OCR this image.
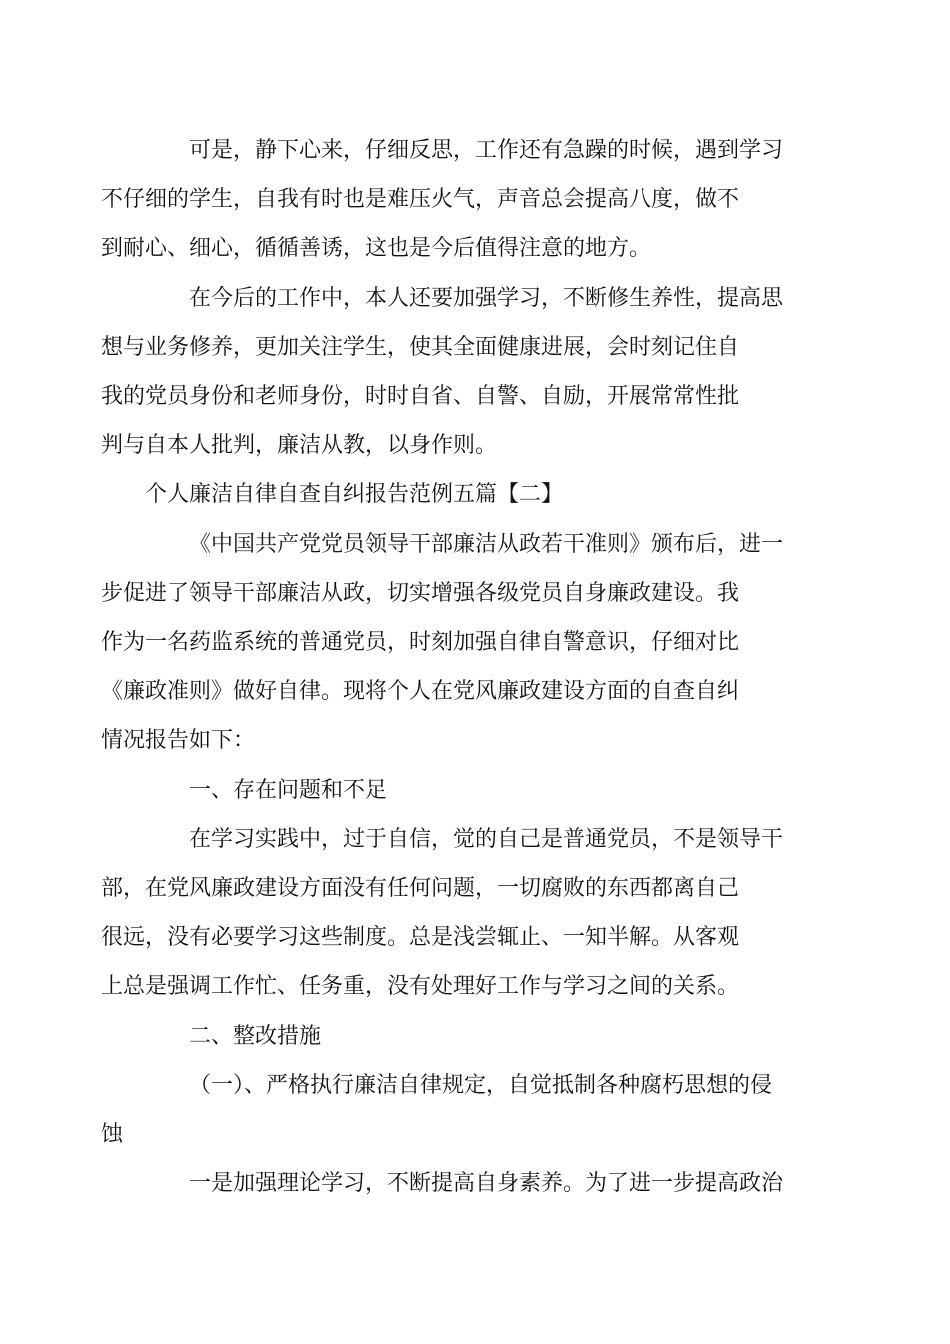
可是，静下心来，仔细反思，工作还有急躁的时候，遇到学习
不仔细的学生，自我有时也是难压火气，声音总会提高八度，做不
到耐心、细心，循循善诱，这也是今后值得注意的地方。

在今后的工作中，本人还要加强学习，不断修生养性，提高思
想与业务修养，更加关注学生，使其全面健康进展，会时刻记住自
我的党员身份和老师身份，时时自省、自警、自励，开展常常性批
判与自本人批判，廉洁从教，以身作则。

个人廉洁自律自查自纠报告范例五篇【二】

《中国共产党党员领导干部廉洁从政若干准则》颁布后，进一
步促进了领导干部廉洁从政，切实增强各级党员自身廉政建设。我
作为一名药监系统的普通党员，时刻加强自律自警意识，仔细对比
《廉政准则》做好自律。现将个人在党风廉政建设方面的自查自纠
情况报告如下：

一、存在问题和不足

在学习实践中，过于自信，觉的自己是普通党员，不是领导干
部，在党风廉政建设方面没有任何问题，一切腐败的东西都离自己
很远，没有必要学习这些制度。总是浅尝辄止、一知半解。从客观
上总是强调工作忙、任务重，没有处理好工作与学习之间的关系。

二、整改措施

（一）、严格执行廉洁自律规定，自觉抵制各种腐朽思想的侵
蚀

一是加强理论学习，不断提高自身素养。为了进一步提高政治
